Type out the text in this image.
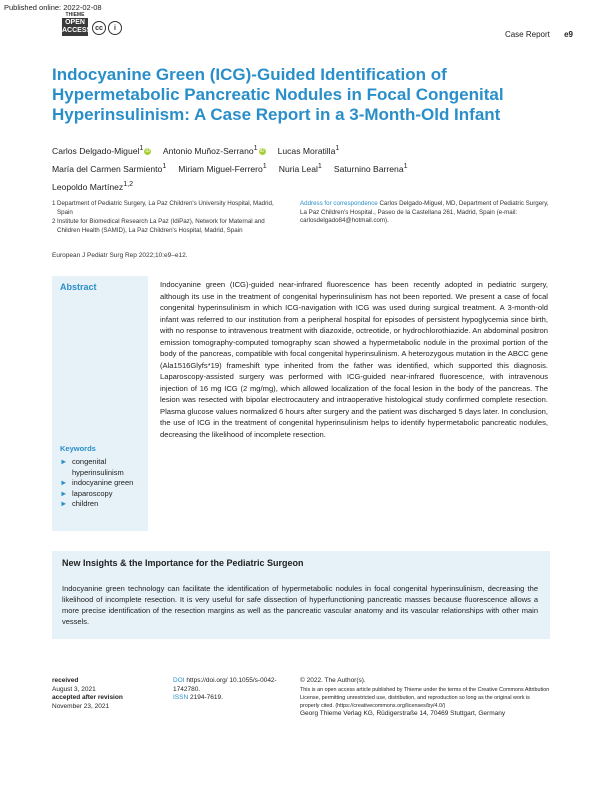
Published online: 2022-02-08
THIEME
OPEN
ACCESS cc	i
Case Report e9
Indocyanine Green (ICG)-Guided Identification of Hypermetabolic Pancreatic Nodules in Focal Congenital Hyperinsulinism: A Case Report in a 3-Month-Old Infant
Carlos Delgado-Miguel$^1$ iD Antonio Muñoz-Serrano$^1$ iD Lucas Moratilla$^1$
María del Carmen Sarmiento$^1$ Miriam Miguel-Ferrero$^1$ Nuria Leal$^1$ Saturnino Barrena$^1$
Leopoldo Martínez$^{1,2}$
1 Department of Pediatric Surgery, La Paz Children's University Hospital, Madrid, Spain
2 Institute for Biomedical Research La Paz (IdiPaz), Network for Maternal and Children Health (SAMID), La Paz Children's Hospital, Madrid, Spain
Address for correspondence Carlos Delgado-Miguel, MD, Department of Pediatric Surgery, La Paz Children's Hospital., Paseo de la Castellana 261, Madrid, Spain (e-mail: carlosdelgado84@hotmail.com).
European J Pediatr Surg Rep 2022;10:e9–e12.
Abstract	Indocyanine green (ICG)-guided near-infrared fluorescence has been recently adopted in pediatric surgery, although its use in the treatment of congenital hyperinsulinism has not been reported. We present a case of focal congenital hyperinsulinism in which ICG-navigation with ICG was used during surgical treatment. A 3-month-old infant was referred to our institution from a peripheral hospital for episodes of persistent hypoglycemia since birth, with no response to intravenous treatment with diazoxide, octreotide, or hydrochlorothiazide. An abdominal positron emission tomography-computed tomography scan showed a hypermetabolic nodule in the proximal portion of the body of the pancreas, compatible with focal congenital hyperinsulinism. A heterozygous mutation in the ABCC gene (Ala1516Glyfs*19) frameshift type inherited from the father was identified, which supported this diagnosis. Laparoscopy-assisted surgery was performed with ICG-guided near-infrared fluorescence, with intravenous injection of 16 mg ICG (2 mg/mg), which allowed localization of the focal lesion in the body of the pancreas. The lesion was resected with bipolar electrocautery and intraoperative histological study confirmed complete resection. Plasma glucose values normalized 6 hours after surgery and the patient was discharged 5 days later. In conclusion, the use of ICG in the treatment of congenital hyperinsulinism helps to identify hypermetabolic pancreatic nodules, decreasing the likelihood of incomplete resection.
Keywords
► congenital hyperinsulinism
► indocyanine green
► laparoscopy
► children
New Insights & the Importance for the Pediatric Surgeon
Indocyanine green technology can facilitate the identification of hypermetabolic nodules in focal congenital hyperinsulinism, decreasing the likelihood of incomplete resection. It is very useful for safe dissection of hyperfunctioning pancreatic masses because fluorescence allows a more precise identification of the resection margins as well as the pancreatic vascular anatomy and its vascular relationships with other main vessels.
received
August 3, 2021
accepted after revision
November 23, 2021
DOI https://doi.org/ 10.1055/s-0042-1742780.
ISSN 2194-7619.
© 2022. The Author(s).
This is an open access article published by Thieme under the terms of the Creative Commons Attribution License, permitting unrestricted use, distribution, and reproduction so long as the original work is properly cited. (https://creativecommons.org/licenses/by/4.0/)
Georg Thieme Verlag KG, Rüdigerstraße 14, 70469 Stuttgart, Germany
